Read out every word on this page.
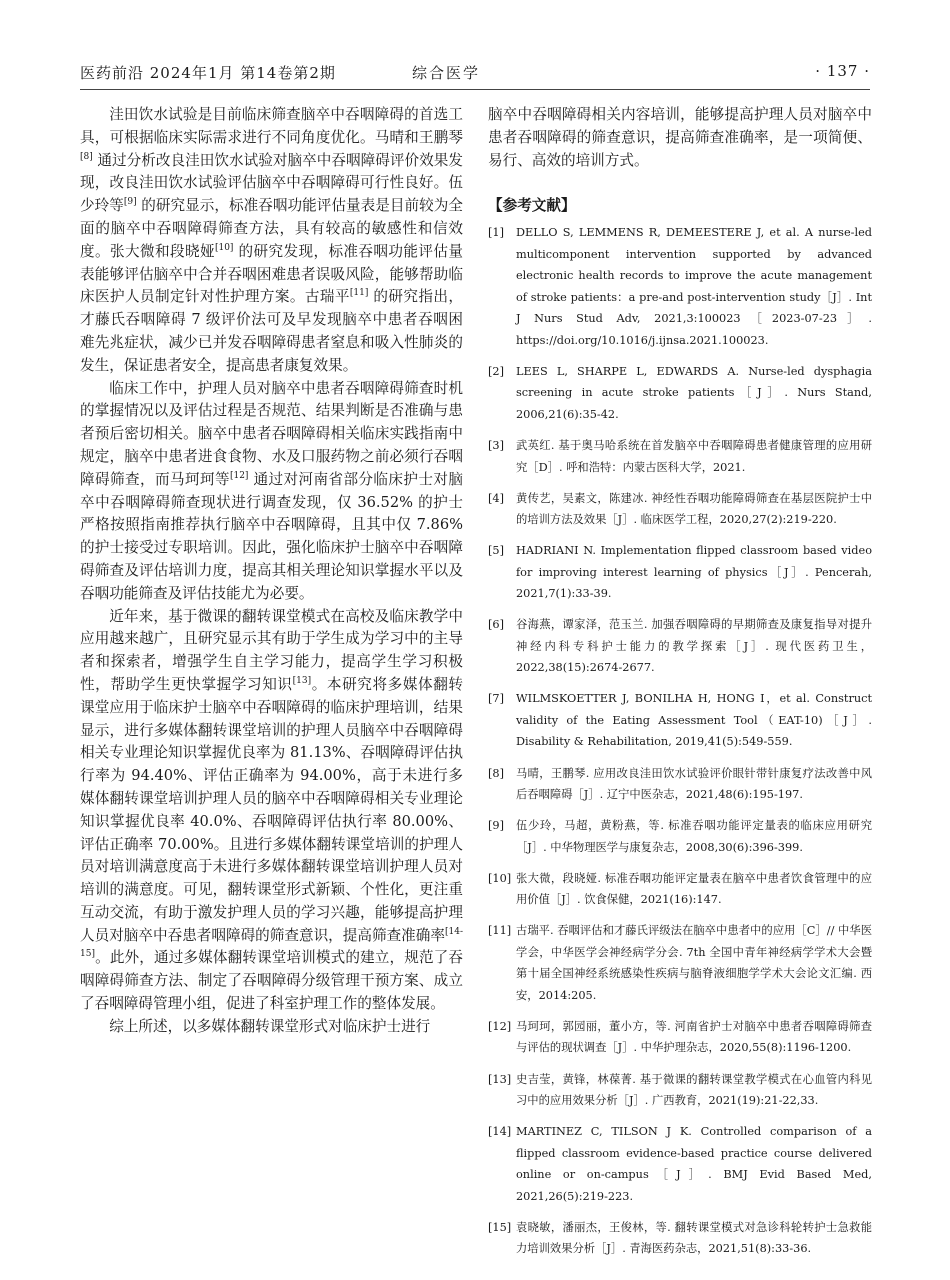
医药前沿 2024年1月 第14卷第2期	综合医学	· 137 ·

洼田饮水试验是目前临床筛查脑卒中吞咽障碍的首选工具，可根据临床实际需求进行不同角度优化。马晴和王鹏琴[8] 通过分析改良洼田饮水试验对脑卒中吞咽障碍评价效果发现，改良洼田饮水试验评估脑卒中吞咽障碍可行性良好。伍少玲等[9] 的研究显示，标准吞咽功能评估量表是目前较为全面的脑卒中吞咽障碍筛查方法，具有较高的敏感性和信效度。张大微和段晓娅[10] 的研究发现，标准吞咽功能评估量表能够评估脑卒中合并吞咽困难患者误吸风险，能够帮助临床医护人员制定针对性护理方案。古瑞平[11] 的研究指出，才藤氏吞咽障碍 7 级评价法可及早发现脑卒中患者吞咽困难先兆症状，减少已并发吞咽障碍患者窒息和吸入性肺炎的发生，保证患者安全，提高患者康复效果。

临床工作中，护理人员对脑卒中患者吞咽障碍筛查时机的掌握情况以及评估过程是否规范、结果判断是否准确与患者预后密切相关。脑卒中患者吞咽障碍相关临床实践指南中规定，脑卒中患者进食食物、水及口服药物之前必须行吞咽障碍筛查，而马珂珂等[12] 通过对河南省部分临床护士对脑卒中吞咽障碍筛查现状进行调查发现，仅 36.52% 的护士严格按照指南推荐执行脑卒中吞咽障碍，且其中仅 7.86% 的护士接受过专职培训。因此，强化临床护士脑卒中吞咽障碍筛查及评估培训力度，提高其相关理论知识掌握水平以及吞咽功能筛查及评估技能尤为必要。

近年来，基于微课的翻转课堂模式在高校及临床教学中应用越来越广，且研究显示其有助于学生成为学习中的主导者和探索者，增强学生自主学习能力，提高学生学习积极性，帮助学生更快掌握学习知识[13]。本研究将多媒体翻转课堂应用于临床护士脑卒中吞咽障碍的临床护理培训，结果显示，进行多媒体翻转课堂培训的护理人员脑卒中吞咽障碍相关专业理论知识掌握优良率为 81.13%、吞咽障碍评估执行率为 94.40%、评估正确率为 94.00%，高于未进行多媒体翻转课堂培训护理人员的脑卒中吞咽障碍相关专业理论知识掌握优良率 40.0%、吞咽障碍评估执行率 80.00%、评估正确率 70.00%。且进行多媒体翻转课堂培训的护理人员对培训满意度高于未进行多媒体翻转课堂培训护理人员对培训的满意度。可见，翻转课堂形式新颖、个性化，更注重互动交流，有助于激发护理人员的学习兴趣，能够提高护理人员对脑卒中吞患者咽障碍的筛查意识，提高筛查准确率[14-15]。此外，通过多媒体翻转课堂培训模式的建立，规范了吞咽障碍筛查方法、制定了吞咽障碍分级管理干预方案、成立了吞咽障碍管理小组，促进了科室护理工作的整体发展。

综上所述，以多媒体翻转课堂形式对临床护士进行

脑卒中吞咽障碍相关内容培训，能够提高护理人员对脑卒中患者吞咽障碍的筛查意识，提高筛查准确率，是一项简便、易行、高效的培训方式。

【参考文献】
[1] DELLO S, LEMMENS R, DEMEESTERE J, et al. A nurse-led multicomponent intervention supported by advanced electronic health records to improve the acute management of stroke patients：a pre-and post-intervention study［J］. Int J Nurs Stud Adv, 2021,3:100023［2023-07-23］. https://doi.org/10.1016/j.ijnsa.2021.100023.
[2] LEES L, SHARPE L, EDWARDS A. Nurse-led dysphagia screening in acute stroke patients［J］. Nurs Stand, 2006,21(6):35-42.
[3] 武英红. 基于奥马哈系统在首发脑卒中吞咽障碍患者健康管理的应用研究［D］. 呼和浩特：内蒙古医科大学，2021.
[4] 黄传艺，吴素文，陈建冰. 神经性吞咽功能障碍筛查在基层医院护士中的培训方法及效果［J］. 临床医学工程，2020,27(2):219-220.
[5] HADRIANI N. Implementation flipped classroom based video for improving interest learning of physics［J］. Pencerah, 2021,7(1):33-39.
[6] 谷海燕，谭家泽，范玉兰. 加强吞咽障碍的早期筛查及康复指导对提升神经内科专科护士能力的教学探索［J］. 现代医药卫生，2022,38(15):2674-2677.
[7] WILMSKOETTER J, BONILHA H, HONG I，et al. Construct validity of the Eating Assessment Tool（EAT-10)［J］. Disability & Rehabilitation, 2019,41(5):549-559.
[8] 马晴，王鹏琴. 应用改良洼田饮水试验评价眼针带针康复疗法改善中风后吞咽障碍［J］. 辽宁中医杂志，2021,48(6):195-197.
[9] 伍少玲，马超，黄粉燕，等. 标准吞咽功能评定量表的临床应用研究［J］. 中华物理医学与康复杂志，2008,30(6):396-399.
[10] 张大微，段晓娅. 标准吞咽功能评定量表在脑卒中患者饮食管理中的应用价值［J］. 饮食保健，2021(16):147.
[11] 古瑞平. 吞咽评估和才藤氏评级法在脑卒中患者中的应用［C］// 中华医学会，中华医学会神经病学分会. 7th 全国中青年神经病学学术大会暨第十届全国神经系统感染性疾病与脑脊液细胞学学术大会论文汇编. 西安，2014:205.
[12] 马珂珂，郭园丽，董小方，等. 河南省护士对脑卒中患者吞咽障碍筛查与评估的现状调查［J］. 中华护理杂志，2020,55(8):1196-1200.
[13] 史吉莹，黄锋，林葆菁. 基于微课的翻转课堂教学模式在心血管内科见习中的应用效果分析［J］. 广西教育，2021(19):21-22,33.
[14] MARTINEZ C, TILSON J K. Controlled comparison of a flipped classroom evidence-based practice course delivered online or on-campus［J］. BMJ Evid Based Med, 2021,26(5):219-223.
[15] 袁晓敏，潘丽杰，王俊林，等. 翻转课堂模式对急诊科轮转护士急救能力培训效果分析［J］. 青海医药杂志，2021,51(8):33-36.
